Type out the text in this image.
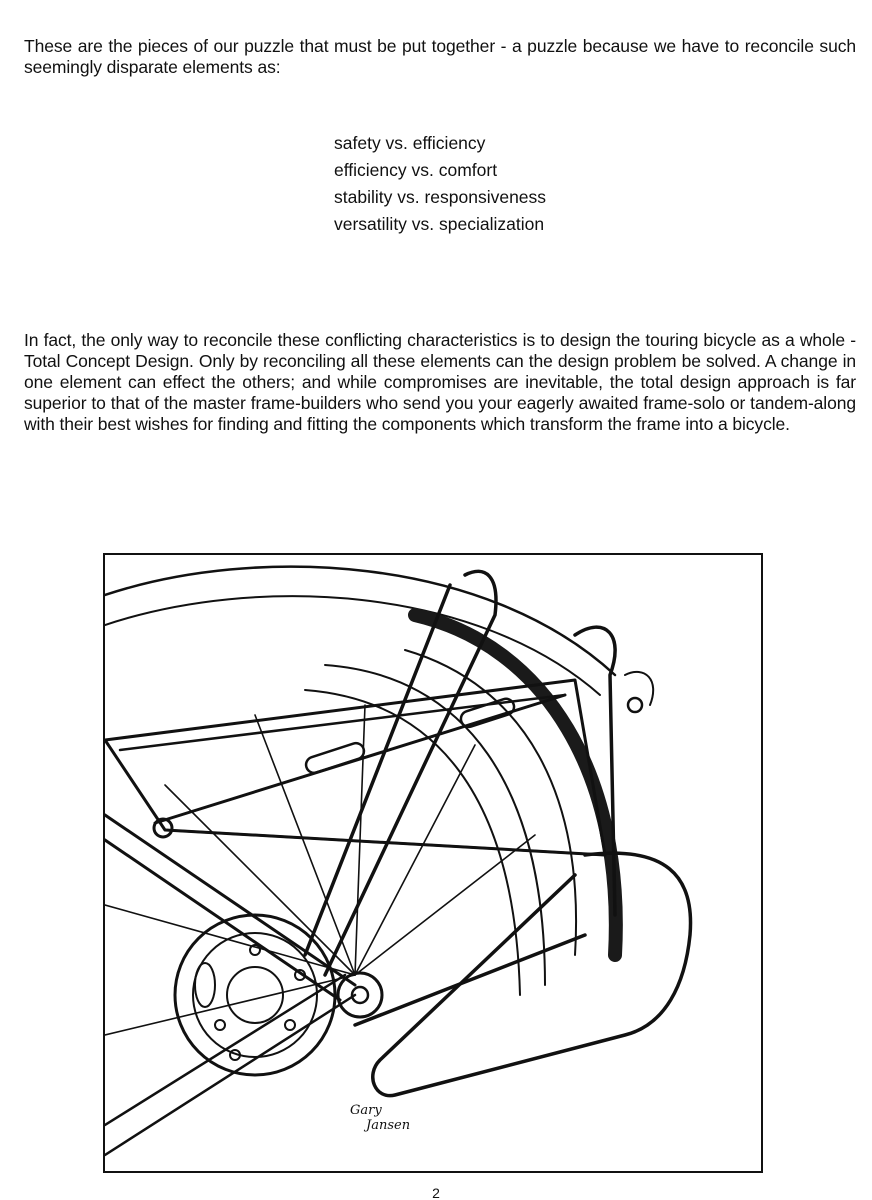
These are the pieces of our puzzle that must be put together - a puzzle because we have to reconcile such seemingly disparate elements as:

safety vs. efficiency
efficiency vs. comfort
stability vs. responsiveness
versatility vs. specialization

In fact, the only way to reconcile these conflicting characteristics is to design the touring bicycle as a whole - Total Concept Design. Only by reconciling all these elements can the design problem be solved. A change in one element can effect the others; and while compromises are inevitable, the total design approach is far superior to that of the master frame-builders who send you your eagerly awaited frame-solo or tandem-along with their best wishes for finding and fitting the components which transform the frame into a bicycle.

Gary
Jansen
2
